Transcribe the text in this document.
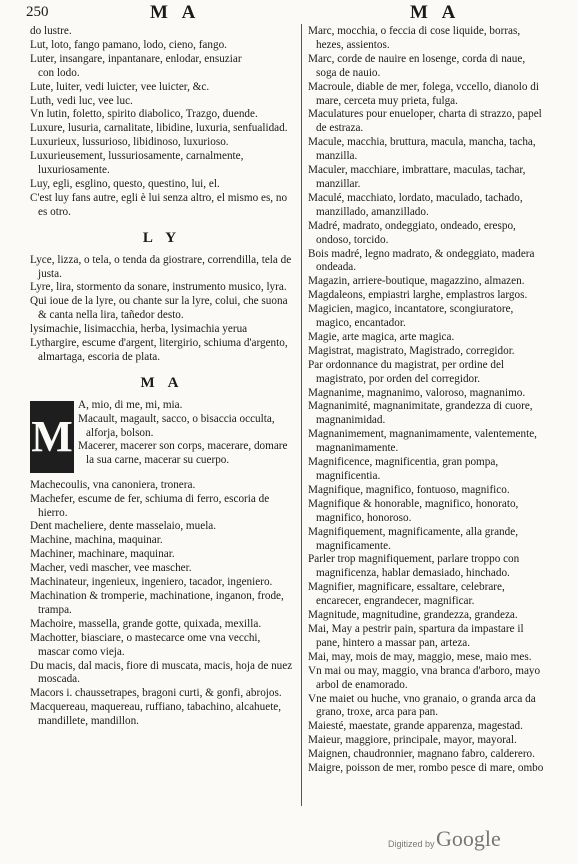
250	M A	M A
do lustre.
Lut, loto, fango pamano, lodo, cieno, fango.
Luter, insangare, inpantanare, enlodar, ensuziar
con lodo.
Lute, luiter, vedi luicter, vee luicter, &c.
Luth, vedi luc, vee luc.
Vn lutin, foletto, spirito diabolico, Trazgo, duende.
Luxure, lusuria, carnalitate, libidine, luxuria, senfualidad.
Luxurieux, lussurioso, libidinoso, luxurioso.
Luxurieusement, lussuriosamente, carnalmente, luxuriosamente.
Luy, egli, esglino, questo, questino, lui, el.
C'est luy fans autre, egli è lui senza altro, el mismo es, no es otro.
L Y
Lyce, lizza, o tela, o tenda da giostrare, correndilla, tela de justa.
Lyre, lira, stormento da sonare, instrumento musico, lyra.
Qui ioue de la lyre, ou chante sur la lyre, colui, che suona & canta nella lira, tañedor desto.
lysimachie, lisimacchia, herba, lysimachia yerua
Lythargire, escume d'argent, litergirio, schiuma d'argento, almartaga, escoria de plata.
M A
M
A, mio, di me, mi, mia.
Macault, magault, sacco, o bisaccia occulta, alforja, bolson.
Macerer, macerer son corps, macerare, domare la sua carne, macerar su cuerpo.
Machecoulis, vna canoniera, tronera.
Machefer, escume de fer, schiuma di ferro, escoria de hierro.
Dent macheliere, dente masselaio, muela.
Machine, machina, maquinar.
Machiner, machinare, maquinar.
Macher, vedi mascher, vee mascher.
Machinateur, ingenieux, ingeniero, tacador, ingeniero.
Machination & tromperie, machinatione, inganon, frode, trampa.
Machoire, massella, grande gotte, quixada, mexilla.
Machotter, biasciare, o mastecarce ome vna vecchi, mascar como vieja.
Du macis, dal macis, fiore di muscata, macis, hoja de nuez moscada.
Macors i. chaussetrapes, bragoni curti, & gonfi, abrojos.
Macquereau, maquereau, ruffiano, tabachino, alcahuete, mandillete, mandillon.
Marc, mocchia, o feccia di cose liquide, borras, hezes, assientos.
Marc, corde de nauire en losenge, corda di naue, soga de nauio.
Macroule, diable de mer, folega, vccello, dianolo di mare, cerceta muy prieta, fulga.
Maculatures pour enueloper, charta di strazzo, papel de estraza.
Macule, macchia, bruttura, macula, mancha, tacha, manzilla.
Maculer, macchiare, imbrattare, maculas, tachar, manzillar.
Maculé, macchiato, lordato, maculado, tachado, manzillado, amanzillado.
Madré, madrato, ondeggiato, ondeado, erespo, ondoso, torcido.
Bois madré, legno madrato, & ondeggiato, madera ondeada.
Magazin, arriere-boutique, magazzino, almazen.
Magdaleons, empiastri larghe, emplastros largos.
Magicien, magico, incantatore, scongiuratore, magico, encantador.
Magie, arte magica, arte magica.
Magistrat, magistrato, Magistrado, corregidor.
Par ordonnance du magistrat, per ordine del magistrato, por orden del corregidor.
Magnanime, magnanimo, valoroso, magnanimo.
Magnanimité, magnanimitate, grandezza di cuore, magnanimidad.
Magnanimement, magnanimamente, valentemente, magnanimamente.
Magnificence, magnificentia, gran pompa, magnificentia.
Magnifique, magnifico, fontuoso, magnifico.
Magnifique & honorable, magnifico, honorato, magnifico, honoroso.
Magnifiquement, magnificamente, alla grande, magnificamente.
Parler trop magnifiquement, parlare troppo con magnificenza, hablar demasiado, hinchado.
Magnifier, magnificare, essaltare, celebrare, encarecer, engrandecer, magnificar.
Magnitude, magnitudine, grandezza, grandeza.
Mai, May a pestrir pain, spartura da impastare il pane, hintero a massar pan, arteza.
Mai, may, mois de may, maggio, mese, maio mes.
Vn mai ou may, maggio, vna branca d'arboro, mayo arbol de enamorado.
Vne maiet ou huche, vno granaio, o granda arca da grano, troxe, arca para pan.
Maiesté, maestate, grande apparenza, magestad.
Maieur, maggiore, principale, mayor, mayoral.
Maignen, chaudronnier, magnano fabro, calderero.
Maigre, poisson de mer, rombo pesce di mare, ombo
Digitized by Google
